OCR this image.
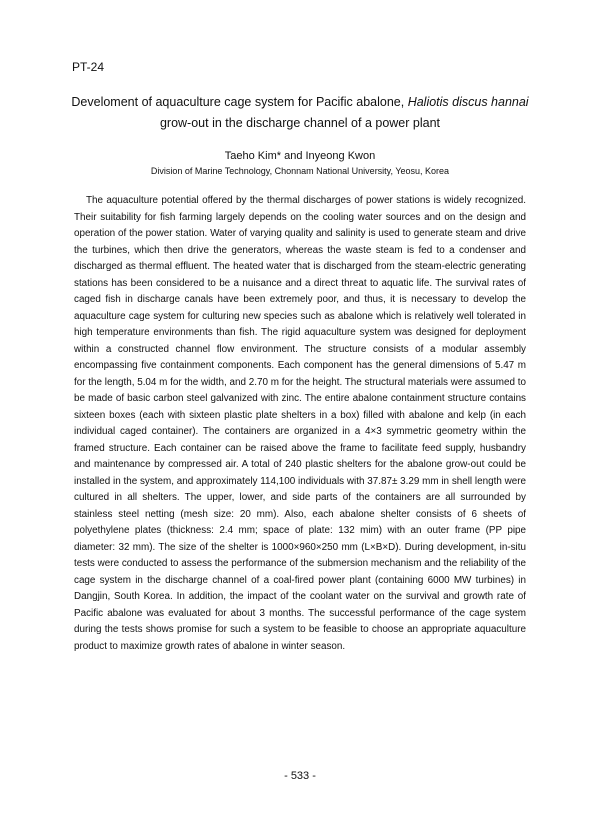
PT-24
Develoment of aquaculture cage system for Pacific abalone, Haliotis discus hannai
grow-out in the discharge channel of a power plant
Taeho Kim* and Inyeong Kwon
Division of Marine Technology, Chonnam National University, Yeosu, Korea

The aquaculture potential offered by the thermal discharges of power stations is widely recognized. Their suitability for fish farming largely depends on the cooling water sources and on the design and operation of the power station. Water of varying quality and salinity is used to generate steam and drive the turbines, which then drive the generators, whereas the waste steam is fed to a condenser and discharged as thermal effluent. The heated water that is discharged from the steam-electric generating stations has been considered to be a nuisance and a direct threat to aquatic life. The survival rates of caged fish in discharge canals have been extremely poor, and thus, it is necessary to develop the aquaculture cage system for culturing new species such as abalone which is relatively well tolerated in high temperature environments than fish. The rigid aquaculture system was designed for deployment within a constructed channel flow environment. The structure consists of a modular assembly encompassing five containment components. Each component has the general dimensions of 5.47 m for the length, 5.04 m for the width, and 2.70 m for the height. The structural materials were assumed to be made of basic carbon steel galvanized with zinc. The entire abalone containment structure contains sixteen boxes (each with sixteen plastic plate shelters in a box) filled with abalone and kelp (in each individual caged container). The containers are organized in a 4×3 symmetric geometry within the framed structure. Each container can be raised above the frame to facilitate feed supply, husbandry and maintenance by compressed air. A total of 240 plastic shelters for the abalone grow-out could be installed in the system, and approximately 114,100 individuals with 37.87± 3.29 mm in shell length were cultured in all shelters. The upper, lower, and side parts of the containers are all surrounded by stainless steel netting (mesh size: 20 mm). Also, each abalone shelter consists of 6 sheets of polyethylene plates (thickness: 2.4 mm; space of plate: 132 mim) with an outer frame (PP pipe diameter: 32 mm). The size of the shelter is 1000×960×250 mm (L×B×D). During development, in-situ tests were conducted to assess the performance of the submersion mechanism and the reliability of the cage system in the discharge channel of a coal-fired power plant (containing 6000 MW turbines) in Dangjin, South Korea. In addition, the impact of the coolant water on the survival and growth rate of Pacific abalone was evaluated for about 3 months. The successful performance of the cage system during the tests shows promise for such a system to be feasible to choose an appropriate aquaculture product to maximize growth rates of abalone in winter season.

- 533 -
